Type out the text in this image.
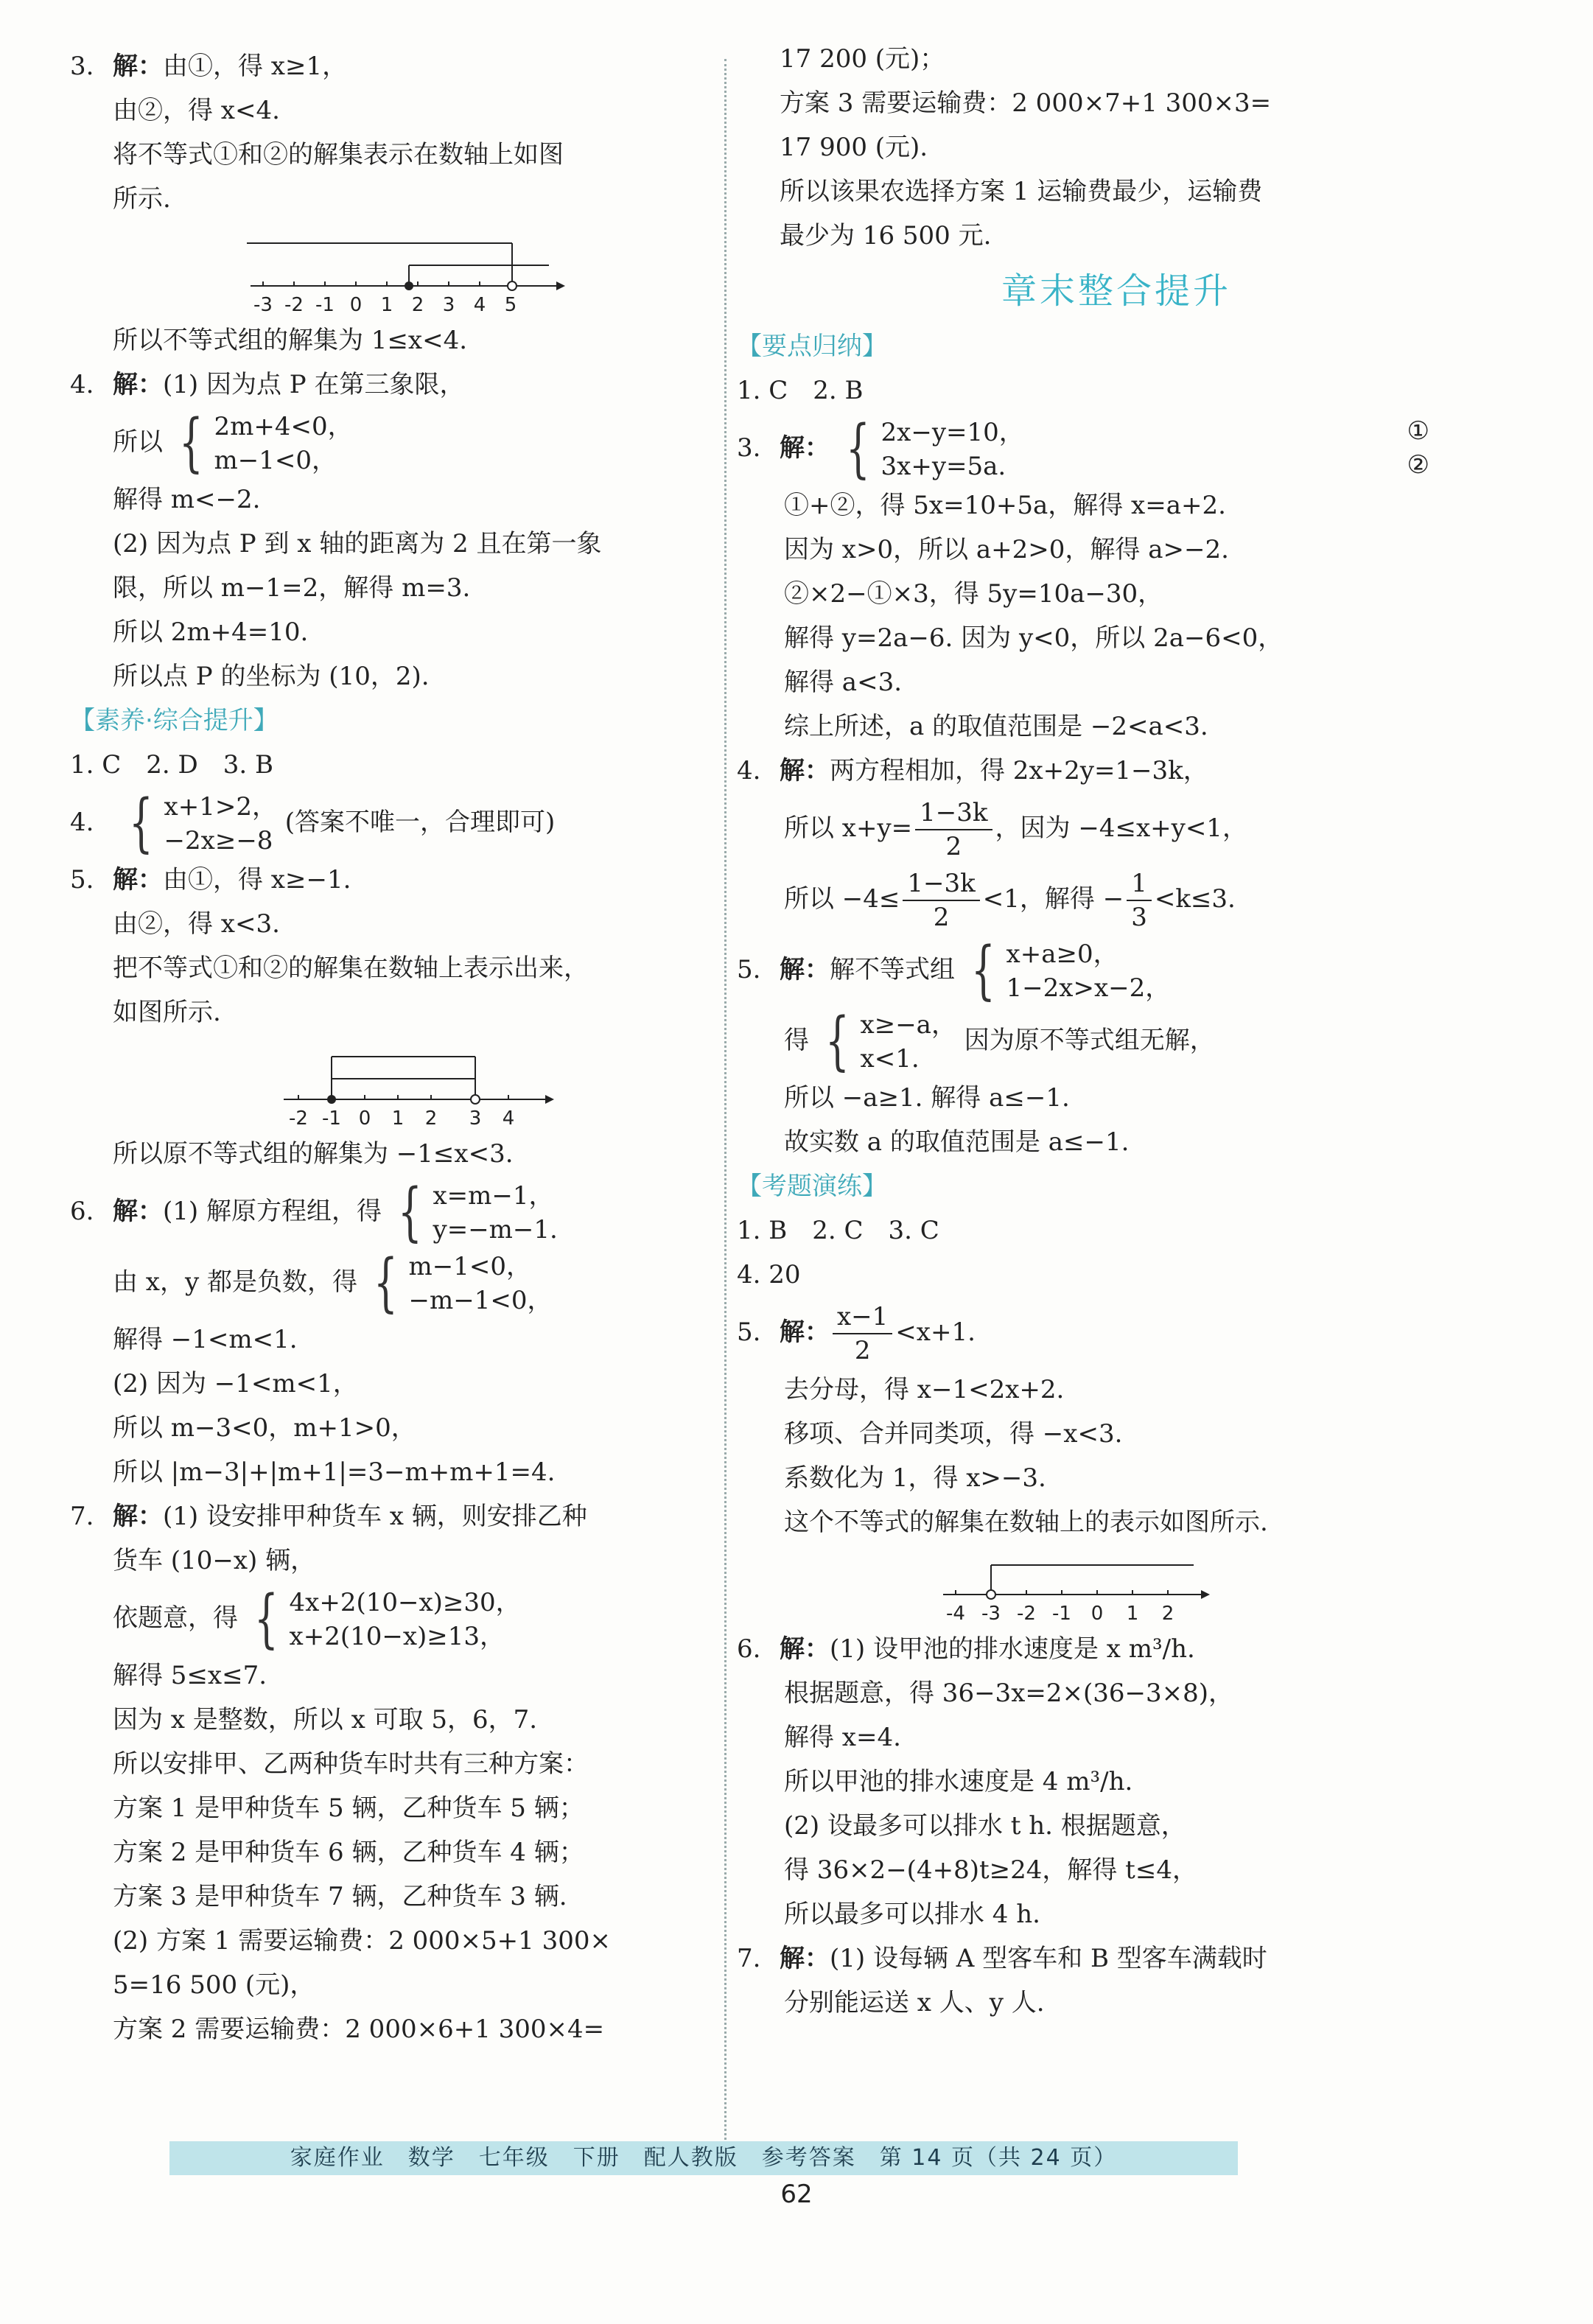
3. 解：由①，得 x≥1，
由②，得 x<4.
将不等式①和②的解集表示在数轴上如图
所示.
-3 -2 -1 0 1 2 3 4 5
所以不等式组的解集为 1≤x<4.
4. 解：(1) 因为点 P 在第三象限，
所以 { 2m+4<0，
m−1<0，
解得 m<−2.
(2) 因为点 P 到 x 轴的距离为 2 且在第一象
限，所以 m−1=2，解得 m=3.
所以 2m+4=10.
所以点 P 的坐标为 (10，2).
【素养·综合提升】
1. C　2. D　3. B
4. { x+1>2，
−2x≥−8
(答案不唯一，合理即可)
5. 解：由①，得 x≥−1.
由②，得 x<3.
把不等式①和②的解集在数轴上表示出来，
如图所示.
-2 -1 0 1 2 3 4
所以原不等式组的解集为 −1≤x<3.
6. 解：(1) 解原方程组，得 { x=m−1，
y=−m−1.
由 x，y 都是负数，得 { m−1<0，
−m−1<0，
解得 −1<m<1.
(2) 因为 −1<m<1，
所以 m−3<0，m+1>0，
所以 |m−3|+|m+1|=3−m+m+1=4.
7. 解：(1) 设安排甲种货车 x 辆，则安排乙种
货车 (10−x) 辆，
依题意，得 { 4x+2(10−x)≥30，
x+2(10−x)≥13，
解得 5≤x≤7.
因为 x 是整数，所以 x 可取 5，6，7.
所以安排甲、乙两种货车时共有三种方案：
方案 1 是甲种货车 5 辆，乙种货车 5 辆；
方案 2 是甲种货车 6 辆，乙种货车 4 辆；
方案 3 是甲种货车 7 辆，乙种货车 3 辆.
(2) 方案 1 需要运输费：2 000×5+1 300×
5=16 500 (元)，
方案 2 需要运输费：2 000×6+1 300×4=
17 200 (元)；
方案 3 需要运输费：2 000×7+1 300×3=
17 900 (元).
所以该果农选择方案 1 运输费最少，运输费
最少为 16 500 元.
章末整合提升
【要点归纳】
1. C　2. B
3. 解： { 2x−y=10，
3x+y=5a.
①
②
①+②，得 5x=10+5a，解得 x=a+2.
因为 x>0，所以 a+2>0，解得 a>−2.
②×2−①×3，得 5y=10a−30，
解得 y=2a−6. 因为 y<0，所以 2a−6<0，
解得 a<3.
综上所述，a 的取值范围是 −2<a<3.
4. 解：两方程相加，得 2x+2y=1−3k，
所以 $x+y= \frac{1-3k}{2}$ ，因为 −4≤x+y<1，
所以 $-4\le \frac{1-3k}{2} <1$，解得 − $\frac{1}{3} <k\le 3$.
5. 解：解不等式组 { x+a≥0，
1−2x>x−2，
得 { x≥−a，
x<1.
因为原不等式组无解，
所以 −a≥1. 解得 a≤−1.
故实数 a 的取值范围是 a≤−1.
【考题演练】
1. B　2. C　3. C
4. 20
5. 解： $\frac{x-1}{2} <x+1$.
去分母，得 x−1<2x+2.
移项、合并同类项，得 −x<3.
系数化为 1，得 x>−3.
这个不等式的解集在数轴上的表示如图所示.
-4 -3 -2 -1 0 1 2
6. 解：(1) 设甲池的排水速度是 x m³/h.
根据题意，得 36−3x=2×(36−3×8)，
解得 x=4.
所以甲池的排水速度是 4 m³/h.
(2) 设最多可以排水 t h. 根据题意，
得 36×2−(4+8)t≥24，解得 t≤4，
所以最多可以排水 4 h.
7. 解：(1) 设每辆 A 型客车和 B 型客车满载时
分别能运送 x 人、y 人.
家庭作业　数学　七年级　下册　配人教版　参考答案　第 14 页（共 24 页）
62
